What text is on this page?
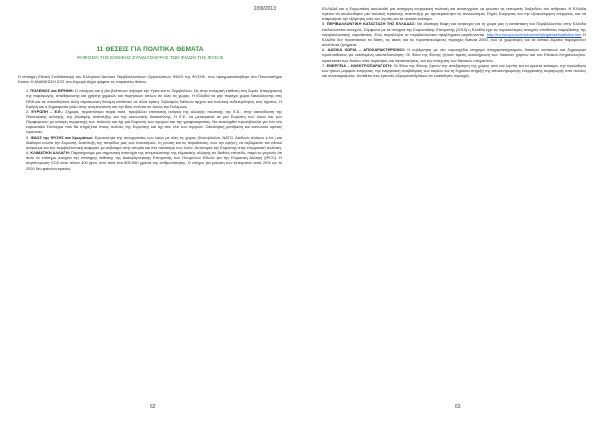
2/09/2013
11 ΘΕΣΕΙΣ ΓΙΑ ΠΟΛΙΤΙΚΑ ΘΕΜΑΤΑ
ΨΗΦΙΣΜΑ ΤΗΣ ΕΘΝΙΚΗΣ ΣΥΝΔΙΑΣΚΕΨΗΣ ΤΩΝ ΦΙΛΩΝ ΤΗΣ ΦΥΣΗΣ
Η επίσημη Εθνική Συνδιάσκεψη του Ελληνικού Δικτύου Περιβαλλοντικών Οργανώσεων ΦΙΛΟΙ της ΦΥΣΗΣ, που πραγματοποιήθηκε στο Πανεπιστήμιο Κιάτου Η ΑΝΑΝΕΩΣΗ ΣΟΣ στο Αλμυρό Δήμο ψήφισε τις παρακάτω θέσεις:
1. ΠΟΛΕΜΟΣ και ΕΙΡΗΝΗ: Ο πόλεμος και η βία βλάπτουν σοβαρά την Υγεία και το Περιβάλλον. Ως στην πολεμική επίθεση στη Συρία. Απαγόρευση της παραγωγής, αποθήκευσης και χρήσης χημικών και πυρηνικών όπλων σε όλες τις χώρες. Η Ελλάδα να μην παρέχει χώρα διευκόλυνσης στις ΗΠΑ και σε οποιοδήποτε άλλη στρατιωτική δύναμη επιθέσεις σε άλλα κράτη. Σεβασμός διεθνών αρχών και πολιτική ουδετερότητας στις σχέσεις. Η Ειρήνη και η δημοκρατία ρόλο στην αντιμετώπιση και την Βίας ενάντια σε λαούς και Πολέμους.
2. ΕΥΡΩΠΗ – Ε.Ε.: Σήμερα, περισσότερο παρά ποτέ, προβάλλει επιτακτική ανάγκη της αλλαγής πολιτικής της Ε.Ε., στην κατεύθυνση της Οικολογικής αλλαγής, της βιώσιμης ανάπτυξης και της κοινωνικής δικαιοσύνης. Η Ε.Ε. να μετατραπεί σε μια Ευρώπη των λαών και των Περιφερειών, με ισότιμη συμμετοχή των πολιτών και όχι μια Ευρώπη των αγορών και της γραφειοκρατίας. Να αναληφθεί πρωτοβουλία για ένα νέο ευρωπαϊκό Σύνταγμα που θα στηρίζεται στους πολίτες της Ευρώπης και όχι στις ελίτ των αγορών. Οικολογική μετάβαση και κοινωνικό κράτος πρόνοιας.
3. ΦΑΟΣ της ΦΥΣΗΣ και Χρωμάτων: Ερωτεύτηκε της συνεργασίας των λαών με όλες τις χώρες (Κοινοβούλιο, ΝΑΤΟ, Διεθνών πόλεων κ.λπ.) και ιδιαίτερα ενώνει την Ευρώπη. Ανάπτυξη της πατρίδας μας των πολιτισμών, τη γνώση και τις παραδόσεις, ενώ την ειρήνη, να σεβόμαστε τον εθνικό ανήκουμε και την περιβαλλοντική αειφορία, με σεβασμό στην ιστορία και στο πολιτισμό των λαών. Αυτονομία της Ευρώπης στην ενεργειακή πολιτική.
4. ΚΛΙΜΑΤΙΚΗ ΑΛΛΑΓΗ: Παρατηρούμε μια σημαντική αποτυχία της αντιμετώπισης της κλιματικής αλλαγής σε διεθνές επίπεδο, παρά το γεγονός ότι αυτό το επίσημο στοιχείο της επίσημης έκθεσης της Διακυβερνητικής Επιτροπής των Ηνωμένων Εθνών για την Κλιματική Αλλαγή (IPCC). Η συγκέντρωση CO2 είναι πλέον 400 ppm, όσο ποτέ στα 800.000 χρόνια της ανθρωπότητας. Ο στόχος για μείωση των εκπομπών κατά 20% ως το 2020 δεν φαίνεται εφικτός.
62

ΕΛΛΑΔΑ και η Ευρωπαϊκή ακολουθεί μια ανίσχυρη ενεργειακή πολιτική και αποτυγχάνει να μειώσει τις εκπομπές διοξειδίου του άνθρακα. Η Ελλάδα πρέπει να ακολουθήσει μια πολιτική πράσινης ανάπτυξης με προτεραιότητα τις Ανανεώσιμες Πηγές Ενέργειας και την εξοικονόμηση ενέργειας, και να σταματήσει την εξάρτηση από τον λιγνίτη και τα ορυκτά καύσιμα.

5. ΠΕΡΙΒΑΛΛΟΝΤΙΚΗ ΚΑΤΑΣΤΑΣΗ ΤΗΣ ΕΛΛΑΔΑΣ: Με ιδιαίτερη θλίψη και ανησυχία για τη χώρα μας η κατάσταση του Περιβάλλοντος στην Ελλάδα επιδεινώνεται συνεχώς. Σύμφωνα με τα στοιχεία της Ευρωπαϊκής Επιτροπής (2013) η Ελλάδα έχει τις περισσότερες ανοιχτές υποθέσεις παραβίασης της περιβαλλοντικής νομοθεσίας. Ενώ παράλληλα τα περιβαλλοντικά προβλήματα μεγεθύνονται. http://ec.europa.eu/environment/legal/law/statistics.htm Η Ελλάδα δεν προστατεύει τα δάση, τις ακτές και τις προστατευόμενες περιοχές Natura 2000, ενώ οι χωματερές και τα αστικά λύματα παραμένουν ανεπίλυτα ζητήματα.
6. ΔΑΣΙΚΑ ΧΩΡΙΑ – ΑΠΟΧΑΡΑΚΤΗΡΙΣΜΟΙ: Η κυβέρνηση με νέο νομοσχέδιο επιχειρεί αποχαρακτηρισμούς δασικών εκτάσεων και δημιουργεί προϋποθέσεις για εκτεταμένη οικοπεδοποίηση. Οι Φίλοι της Φύσης ζητούν άμεση ολοκλήρωση των δασικών χαρτών και του Εθνικού Κτηματολογίου, προστασία των δασών από πυρκαγιές και καταπατήσεις, και την ενίσχυση των δασικών υπηρεσιών.
7. ΕΝΕΡΓΕΙΑ – ΗΛΕΚΤΡΟΠΑΡΑΓΩΓΗ: Οι Φίλοι της Φύσης ζητούν την απεξάρτηση της χώρας από τον λιγνίτη και τα ορυκτά καύσιμα, την προώθηση των ήπιων μορφών ενέργειας, την ενεργειακή αναβάθμιση των κτιρίων και τη δημόσια στήριξη της αποκεντρωμένης ενεργειακής παραγωγής από πολίτες και συνεταιρισμούς. Αντίθετοι στις έρευνες υδρογονανθράκων σε ευαίσθητες περιοχές.
63
